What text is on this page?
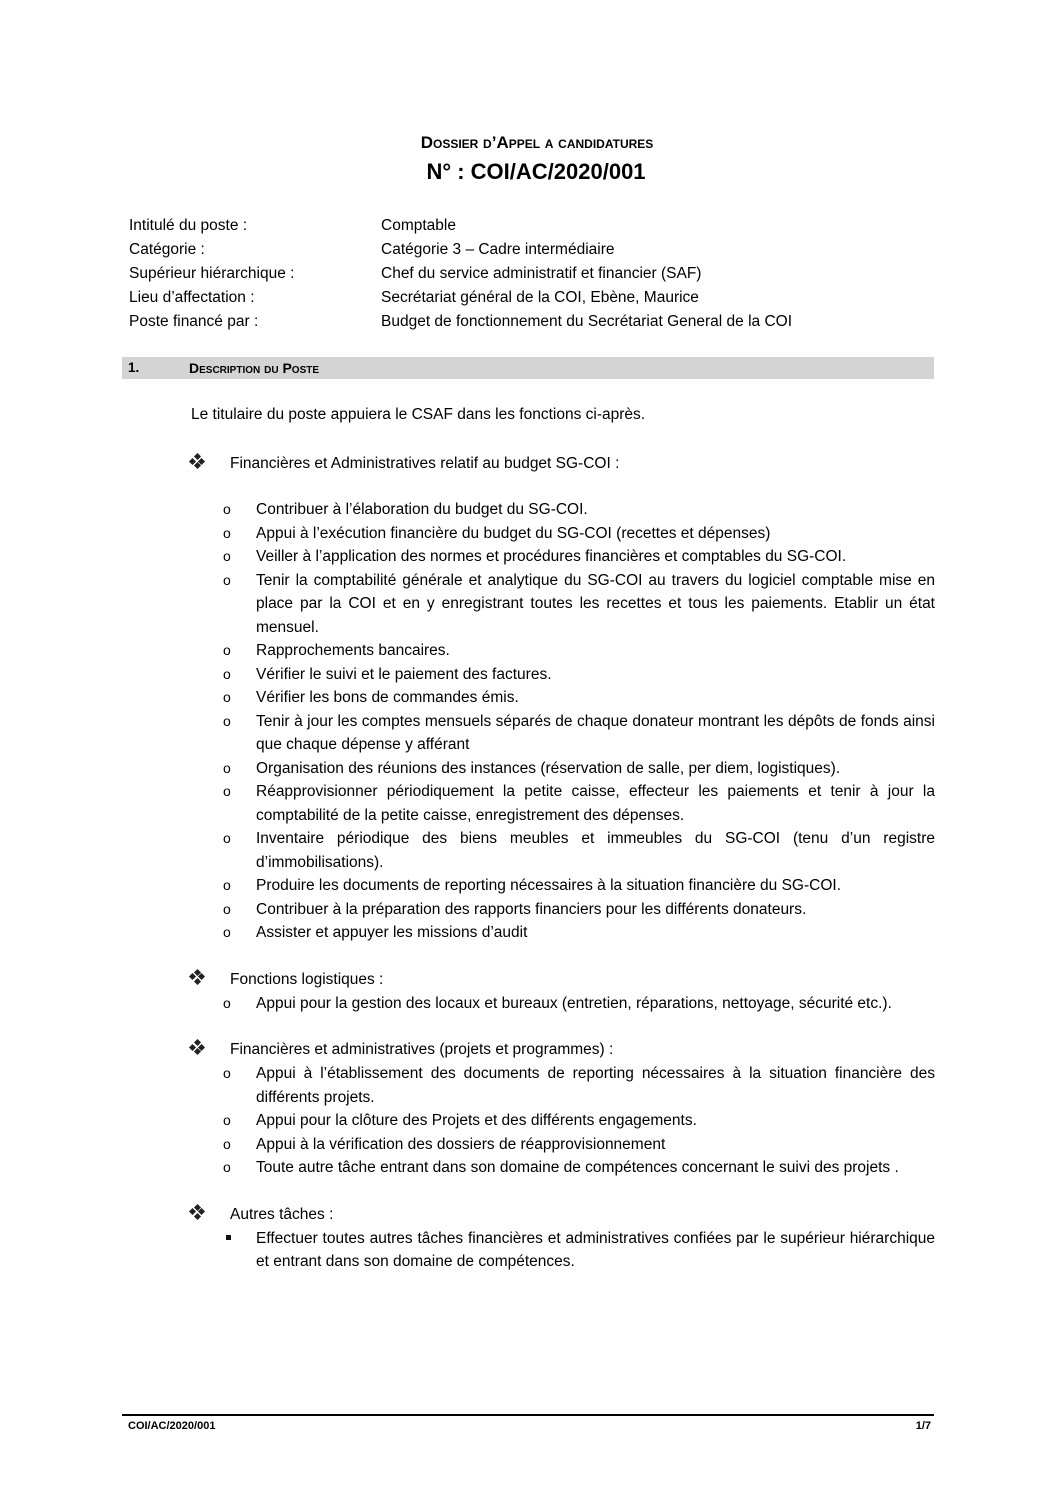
Dossier d’Appel a candidatures
N° : COI/AC/2020/001
Intitulé du poste :	Comptable
Catégorie :	Catégorie 3 – Cadre intermédiaire
Supérieur hiérarchique :	Chef du service administratif et financier (SAF)
Lieu d’affectation :	Secrétariat général de la COI, Ebène, Maurice
Poste financé par :	Budget de fonctionnement du Secrétariat General de la COI
1.	Description du Poste
Le titulaire du poste appuiera le CSAF dans les fonctions ci-après.
Financières et Administratives relatif au budget SG-COI :
o	Contribuer à l’élaboration du budget du SG-COI.
o	Appui à l’exécution financière du budget du SG-COI (recettes et dépenses)
o	Veiller à l’application des normes et procédures financières et comptables du SG-COI.
o	Tenir la comptabilité générale et analytique du SG-COI au travers du logiciel comptable mise en place par la COI et en y enregistrant toutes les recettes et tous les paiements. Etablir un état mensuel.
o	Rapprochements bancaires.
o	Vérifier le suivi et le paiement des factures.
o	Vérifier les bons de commandes émis.
o	Tenir à jour les comptes mensuels séparés de chaque donateur montrant les dépôts de fonds ainsi que chaque dépense y afférant
o	Organisation des réunions des instances (réservation de salle, per diem, logistiques).
o	Réapprovisionner périodiquement la petite caisse, effecteur les paiements et tenir à jour la comptabilité de la petite caisse, enregistrement des dépenses.
o	Inventaire périodique des biens meubles et immeubles du SG-COI (tenu d’un registre d’immobilisations).
o	Produire les documents de reporting nécessaires à la situation financière du SG-COI.
o	Contribuer à la préparation des rapports financiers pour les différents donateurs.
o	Assister et appuyer les missions d’audit
Fonctions logistiques :
o	Appui pour la gestion des locaux et bureaux (entretien, réparations, nettoyage, sécurité etc.).
Financières et administratives (projets et programmes) :
o	Appui à l’établissement des documents de reporting nécessaires à la situation financière des différents projets.
o	Appui pour la clôture des Projets et des différents engagements.
o	Appui à la vérification des dossiers de réapprovisionnement
o	Toute autre tâche entrant dans son domaine de compétences concernant le suivi des projets .
Autres tâches :
Effectuer toutes autres tâches financières et administratives confiées par le supérieur hiérarchique et entrant dans son domaine de compétences.
COI/AC/2020/001	1/7
